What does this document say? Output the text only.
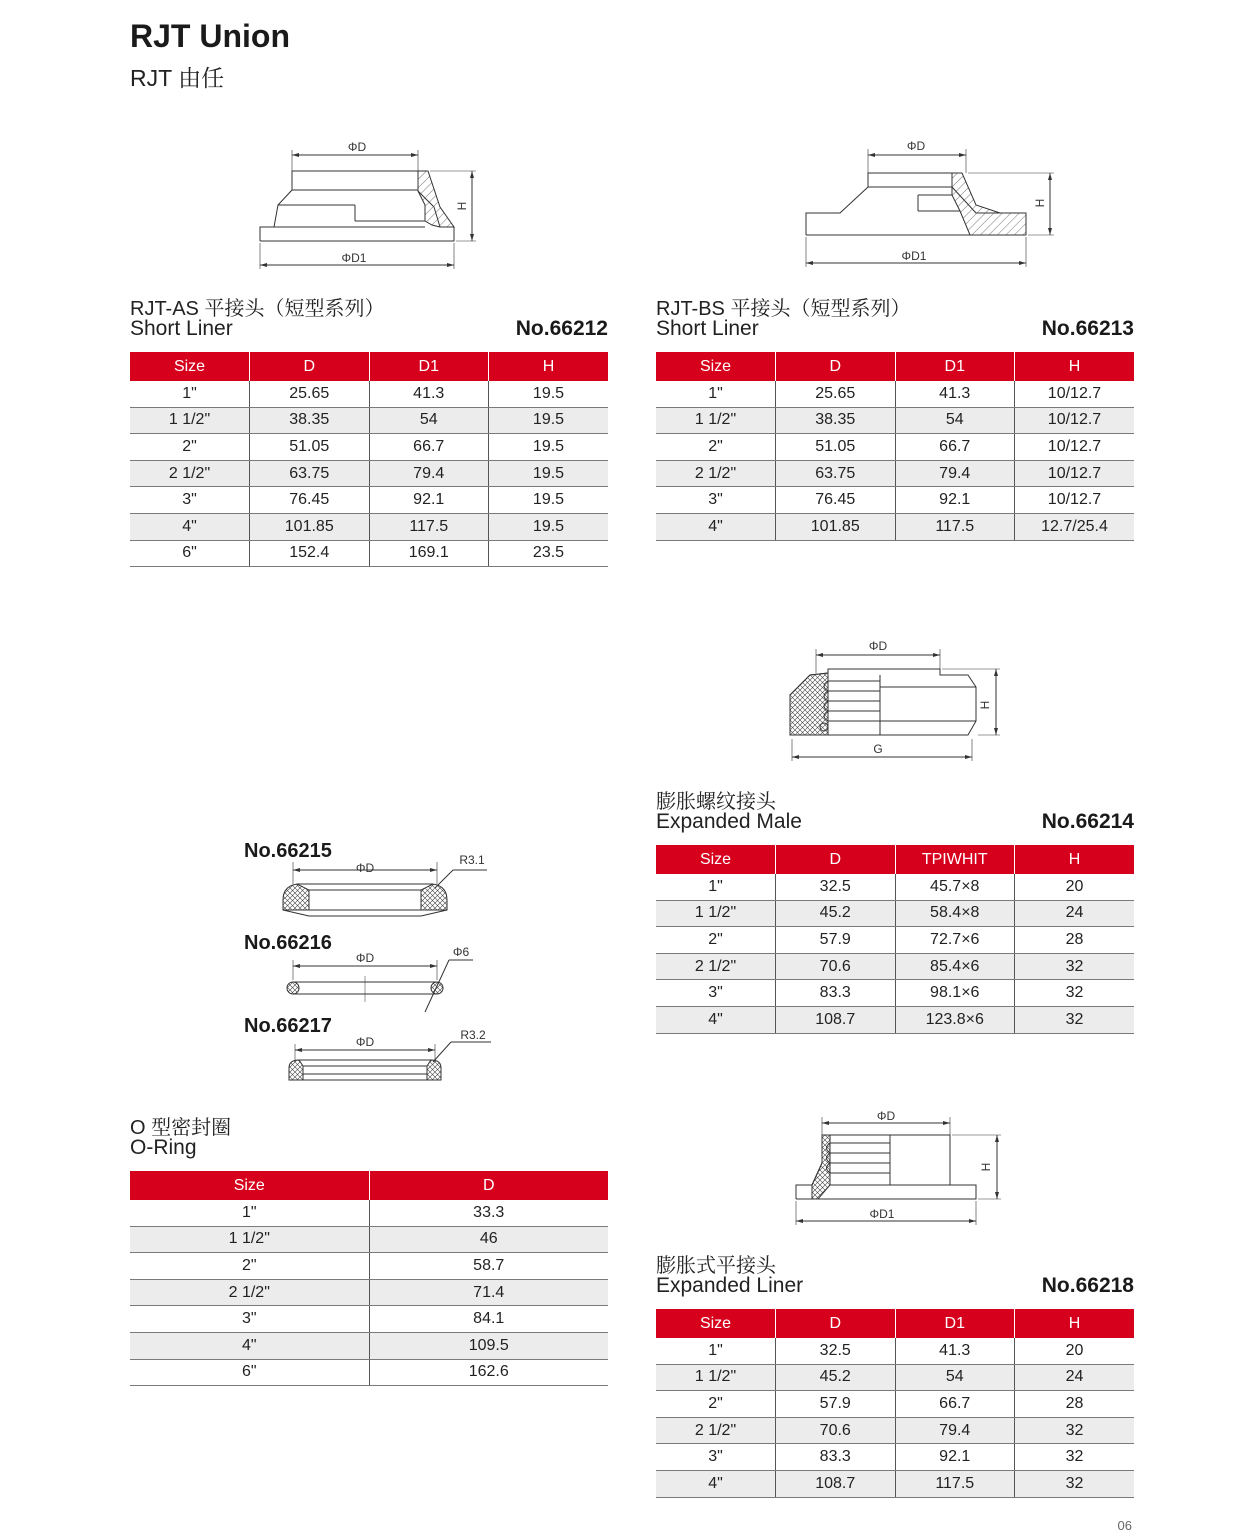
RJT Union
RJT 由任
ΦD
ΦD1
H
ΦD
ΦD1
H
RJT-AS 平接头（短型系列）
Short Liner	No.66212
Size	D	D1	H
1"	25.65	41.3	19.5
1 1/2"	38.35	54	19.5
2"	51.05	66.7	19.5
2 1/2"	63.75	79.4	19.5
3"	76.45	92.1	19.5
4"	101.85	117.5	19.5
6"	152.4	169.1	23.5
RJT-BS 平接头（短型系列）
Short Liner	No.66213
Size	D	D1	H
1"	25.65	41.3	10/12.7
1 1/2"	38.35	54	10/12.7
2"	51.05	66.7	10/12.7
2 1/2"	63.75	79.4	10/12.7
3"	76.45	92.1	10/12.7
4"	101.85	117.5	12.7/25.4
ΦD
G
H
膨胀螺纹接头
Expanded Male	No.66214
Size	D	TPIWHIT	H
1"	32.5	45.7×8	20
1 1/2"	45.2	58.4×8	24
2"	57.9	72.7×6	28
2 1/2"	70.6	85.4×6	32
3"	83.3	98.1×6	32
4"	108.7	123.8×6	32
No.66215
ΦD
R3.1
No.66216
ΦD	Φ6
No.66217
ΦD	R3.2
O 型密封圈
O-Ring
Size	D
1"	33.3
1 1/2"	46
2"	58.7
2 1/2"	71.4
3"	84.1
4"	109.5
6"	162.6
ΦD
ΦD1
H
膨胀式平接头
Expanded Liner	No.66218
Size	D	D1	H
1"	32.5	41.3	20
1 1/2"	45.2	54	24
2"	57.9	66.7	28
2 1/2"	70.6	79.4	32
3"	83.3	92.1	32
4"	108.7	117.5	32
06
